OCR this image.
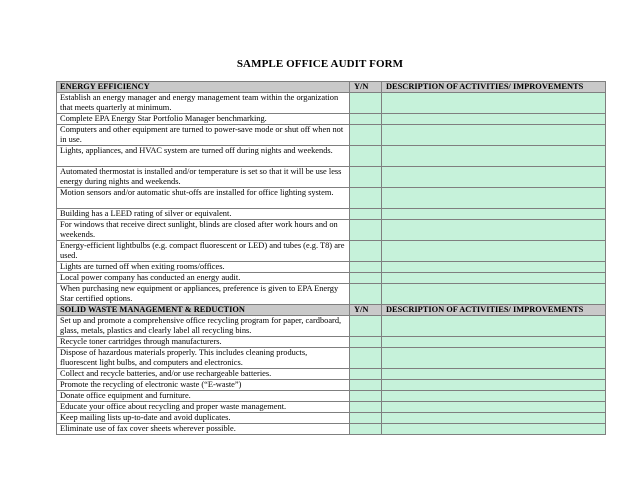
SAMPLE OFFICE AUDIT FORM
ENERGY EFFICIENCY	Y/N	DESCRIPTION OF ACTIVITIES/ IMPROVEMENTS
Establish an energy manager and energy management team within the organization that meets quarterly at minimum.		
Complete EPA Energy Star Portfolio Manager benchmarking.		
Computers and other equipment are turned to power-save mode or shut off when not in use.		
Lights, appliances, and HVAC system are turned off during nights and weekends.		
Automated thermostat is installed and/or temperature is set so that it will be use less energy during nights and weekends.		
Motion sensors and/or automatic shut-offs are installed for office lighting system.		
Building has a LEED rating of silver or equivalent.		
For windows that receive direct sunlight, blinds are closed after work hours and on weekends.		
Energy-efficient lightbulbs (e.g. compact fluorescent or LED) and tubes (e.g. T8) are used.		
Lights are turned off when exiting rooms/offices.		
Local power company has conducted an energy audit.		
When purchasing new equipment or appliances, preference is given to EPA Energy Star certified options.		
SOLID WASTE MANAGEMENT & REDUCTION	Y/N	DESCRIPTION OF ACTIVITIES/ IMPROVEMENTS
Set up and promote a comprehensive office recycling program for paper, cardboard, glass, metals, plastics and clearly label all recycling bins.		
Recycle toner cartridges through manufacturers.		
Dispose of hazardous materials properly. This includes cleaning products, fluorescent light bulbs, and computers and electronics.		
Collect and recycle batteries, and/or use rechargeable batteries.		
Promote the recycling of electronic waste (“E-waste”)		
Donate office equipment and furniture.		
Educate your office about recycling and proper waste management.		
Keep mailing lists up-to-date and avoid duplicates.		
Eliminate use of fax cover sheets wherever possible.		
